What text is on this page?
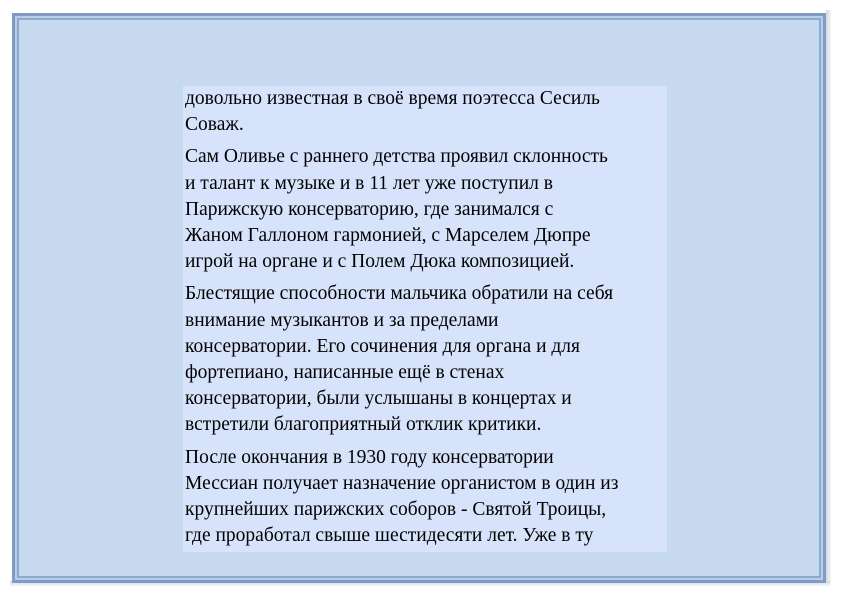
довольно известная в своё время поэтесса Сесиль
Соваж.

Сам Оливье с раннего детства проявил склонность
и талант к музыке и в 11 лет уже поступил в
Парижскую консерваторию, где занимался с
Жаном Галлоном гармонией, с Марселем Дюпре
игрой на органе и с Полем Дюка композицией.

Блестящие способности мальчика обратили на себя
внимание музыкантов и за пределами
консерватории. Его сочинения для органа и для
фортепиано, написанные ещё в стенах
консерватории, были услышаны в концертах и
встретили благоприятный отклик критики.

После окончания в 1930 году консерватории
Мессиан получает назначение органистом в один из
крупнейших парижских соборов - Святой Троицы,
где проработал свыше шестидесяти лет. Уже в ту
